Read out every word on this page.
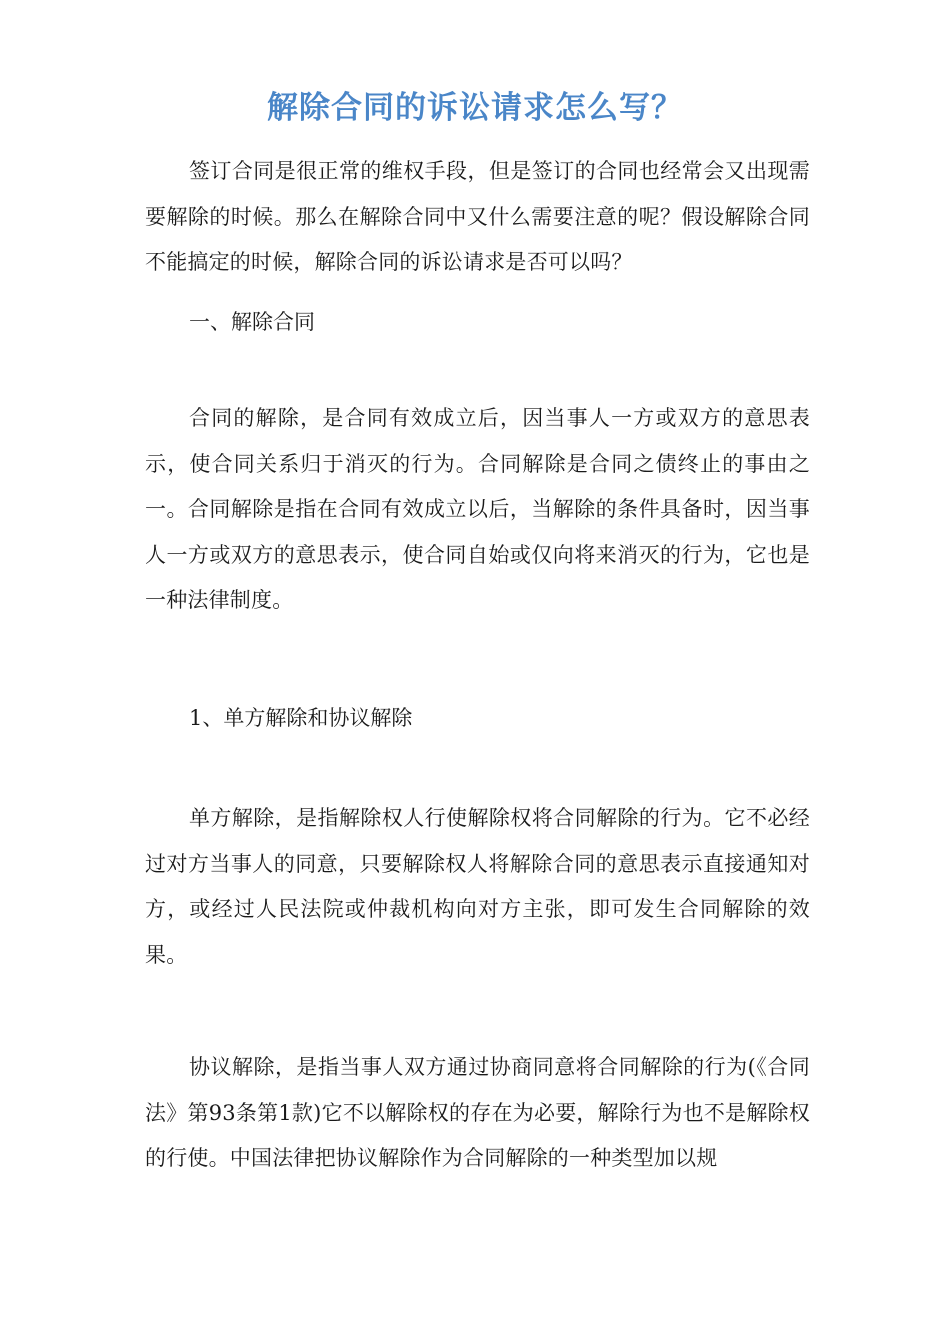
解除合同的诉讼请求怎么写？

签订合同是很正常的维权手段，但是签订的合同也经常会又出现需要解除的时候。那么在解除合同中又什么需要注意的呢？假设解除合同不能搞定的时候，解除合同的诉讼请求是否可以吗？

一、解除合同

合同的解除，是合同有效成立后，因当事人一方或双方的意思表示，使合同关系归于消灭的行为。合同解除是合同之债终止的事由之一。合同解除是指在合同有效成立以后，当解除的条件具备时，因当事人一方或双方的意思表示，使合同自始或仅向将来消灭的行为，它也是一种法律制度。

1、单方解除和协议解除

单方解除，是指解除权人行使解除权将合同解除的行为。它不必经过对方当事人的同意，只要解除权人将解除合同的意思表示直接通知对方，或经过人民法院或仲裁机构向对方主张，即可发生合同解除的效果。

协议解除，是指当事人双方通过协商同意将合同解除的行为(《合同法》第93条第1款)它不以解除权的存在为必要，解除行为也不是解除权的行使。中国法律把协议解除作为合同解除的一种类型加以规
